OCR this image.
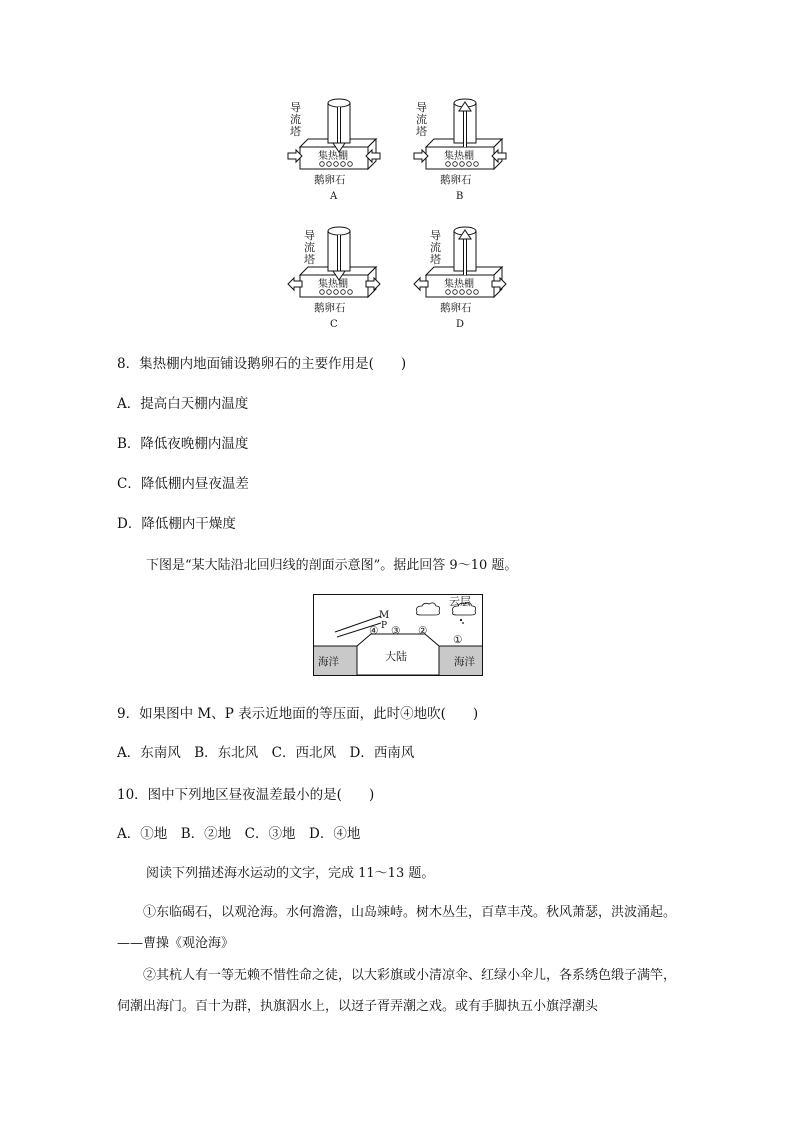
导
流
塔
集热棚
鹅卵石
A
导
流
塔
集热棚
鹅卵石
B
导
流
塔
集热棚
鹅卵石
C
导
流
塔
集热棚
鹅卵石
D
8．集热棚内地面铺设鹅卵石的主要作用是(　　)
A．提高白天棚内温度
B．降低夜晚棚内温度
C．降低棚内昼夜温差
D．降低棚内干燥度
下图是“某大陆沿北回归线的剖面示意图”。据此回答 9～10 题。
M
P
云层
④ ③ ②
①
大陆
海洋	海洋
9．如果图中 M、P 表示近地面的等压面，此时④地吹(　　)
A．东南风　B．东北风　C．西北风　D．西南风
10．图中下列地区昼夜温差最小的是(　　)
A．①地　B．②地　C．③地　D．④地
阅读下列描述海水运动的文字，完成 11～13 题。
①东临碣石，以观沧海。水何澹澹，山岛竦峙。树木丛生，百草丰茂。秋风萧瑟，洪波涌起。——曹操《观沧海》
②其杭人有一等无赖不惜性命之徒，以大彩旗或小清凉伞、红绿小伞儿，各系绣色缎子满竿，伺潮出海门。百十为群，执旗泅水上，以迓子胥弄潮之戏。或有手脚执五小旗浮潮头
